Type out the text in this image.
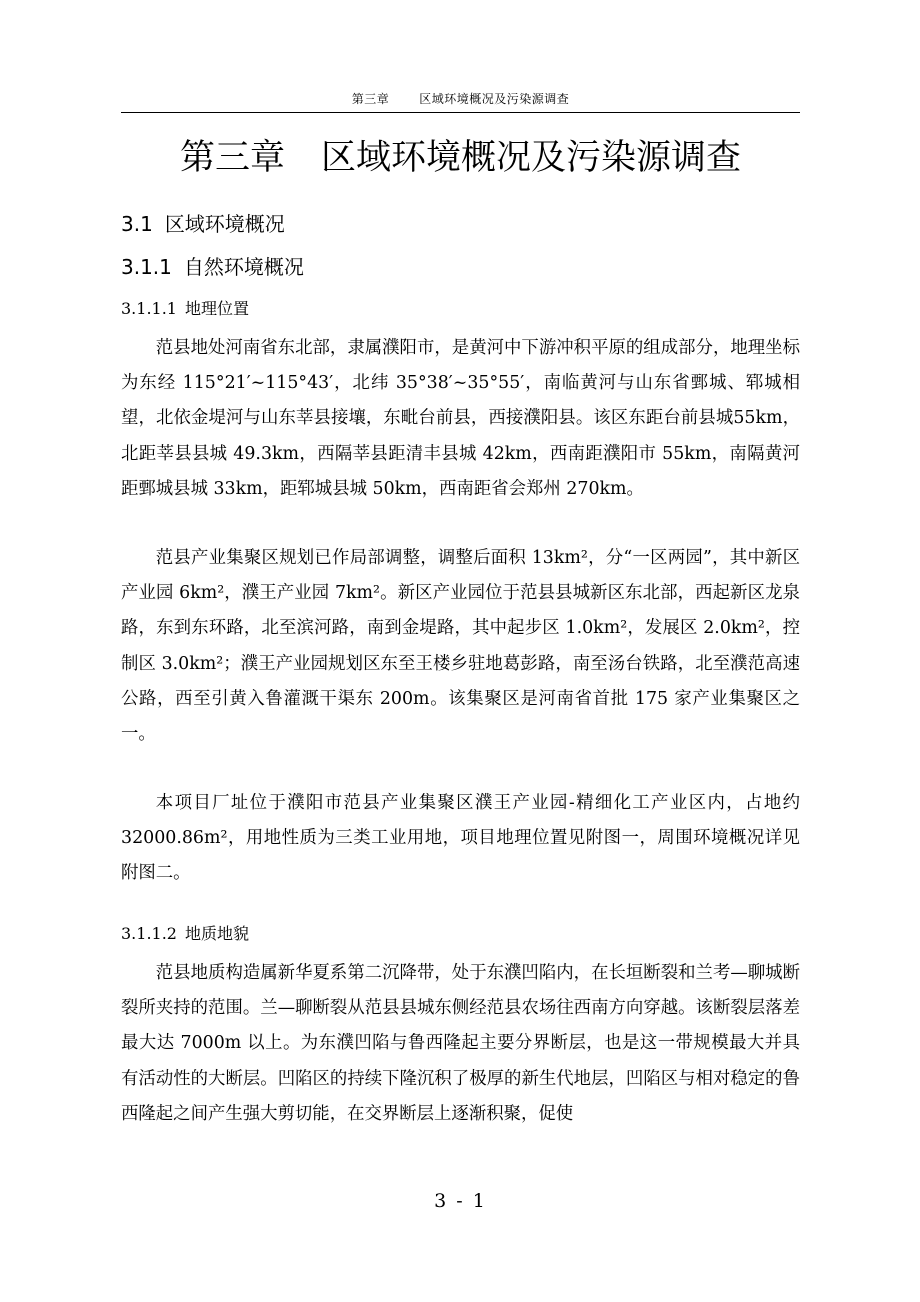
第三章	区域环境概况及污染源调查
第三章 区域环境概况及污染源调查
3.1 区域环境概况
3.1.1 自然环境概况
3.1.1.1 地理位置

范县地处河南省东北部，隶属濮阳市，是黄河中下游冲积平原的组成部分，地理坐标为东经 115°21′~115°43′，北纬 35°38′~35°55′，南临黄河与山东省鄄城、郓城相望，北依金堤河与山东莘县接壤，东毗台前县，西接濮阳县。该区东距台前县城55km，北距莘县县城 49.3km，西隔莘县距清丰县城 42km，西南距濮阳市 55km，南隔黄河距鄄城县城 33km，距郓城县城 50km，西南距省会郑州 270km。

范县产业集聚区规划已作局部调整，调整后面积 13km²，分“一区两园”，其中新区产业园 6km²，濮王产业园 7km²。新区产业园位于范县县城新区东北部，西起新区龙泉路，东到东环路，北至滨河路，南到金堤路，其中起步区 1.0km²，发展区 2.0km²，控制区 3.0km²；濮王产业园规划区东至王楼乡驻地葛彭路，南至汤台铁路，北至濮范高速公路，西至引黄入鲁灌溉干渠东 200m。该集聚区是河南省首批 175 家产业集聚区之一。

本项目厂址位于濮阳市范县产业集聚区濮王产业园-精细化工产业区内，占地约32000.86m²，用地性质为三类工业用地，项目地理位置见附图一，周围环境概况详见附图二。

3.1.1.2 地质地貌

范县地质构造属新华夏系第二沉降带，处于东濮凹陷内，在长垣断裂和兰考—聊城断裂所夹持的范围。兰—聊断裂从范县县城东侧经范县农场往西南方向穿越。该断裂层落差最大达 7000m 以上。为东濮凹陷与鲁西隆起主要分界断层，也是这一带规模最大并具有活动性的大断层。凹陷区的持续下隆沉积了极厚的新生代地层，凹陷区与相对稳定的鲁西隆起之间产生强大剪切能，在交界断层上逐渐积聚，促使

3 - 1
